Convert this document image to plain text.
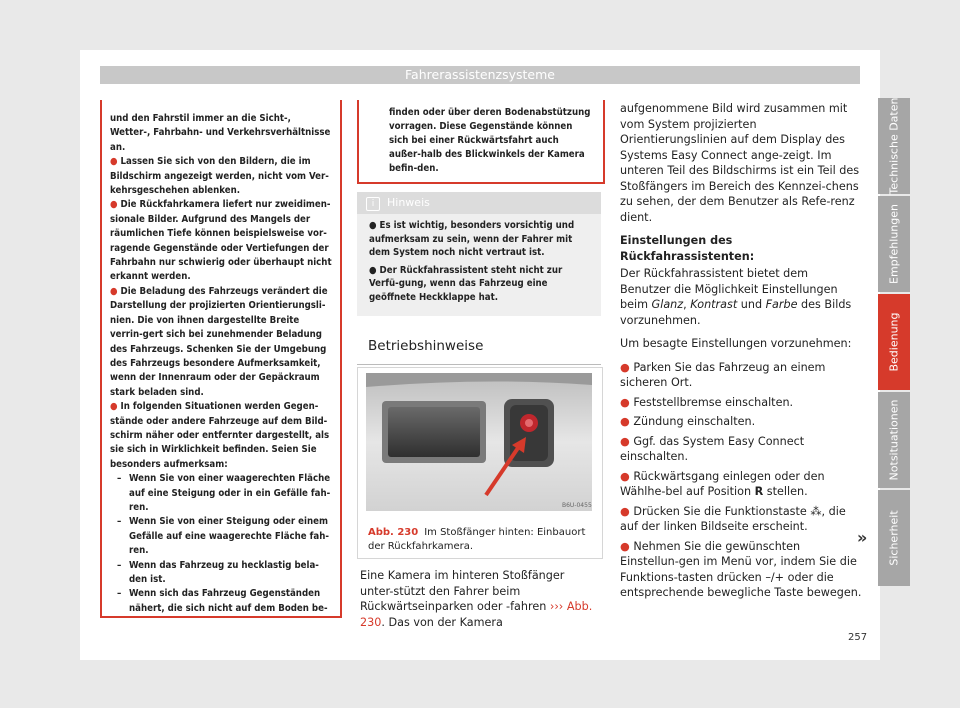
Fahrerassistenzsysteme

und den Fahrstil immer an die Sicht-, Wetter-, Fahrbahn- und Verkehrsverhältnisse an.

● Lassen Sie sich von den Bildern, die im Bildschirm angezeigt werden, nicht vom Ver-kehrsgeschehen ablenken.

● Die Rückfahrkamera liefert nur zweidimen-sionale Bilder. Aufgrund des Mangels der räumlichen Tiefe können beispielsweise vor-ragende Gegenstände oder Vertiefungen der Fahrbahn nur schwierig oder überhaupt nicht erkannt werden.

● Die Beladung des Fahrzeugs verändert die Darstellung der projizierten Orientierungsli-nien. Die von ihnen dargestellte Breite verrin-gert sich bei zunehmender Beladung des Fahrzeugs. Schenken Sie der Umgebung des Fahrzeugs besondere Aufmerksamkeit, wenn der Innenraum oder der Gepäckraum stark beladen sind.

● In folgenden Situationen werden Gegen-stände oder andere Fahrzeuge auf dem Bild-schirm näher oder entfernter dargestellt, als sie sich in Wirklichkeit befinden. Seien Sie besonders aufmerksam:

– Wenn Sie von einer waagerechten Fläche auf eine Steigung oder in ein Gefälle fah-ren.

– Wenn Sie von einer Steigung oder einem Gefälle auf eine waagerechte Fläche fah-ren.

– Wenn das Fahrzeug zu hecklastig bela-den ist.

– Wenn sich das Fahrzeug Gegenständen nähert, die sich nicht auf dem Boden be-

finden oder über deren Bodenabstützung vorragen. Diese Gegenstände können sich bei einer Rückwärtsfahrt auch außer-halb des Blickwinkels der Kamera befin-den.
i	Hinweis

● Es ist wichtig, besonders vorsichtig und aufmerksam zu sein, wenn der Fahrer mit dem System noch nicht vertraut ist.

● Der Rückfahrassistent steht nicht zur Verfü-gung, wenn das Fahrzeug eine geöffnete Heckklappe hat.

Betriebshinweise
B6U-0455
Abb. 230 Im Stoßfänger hinten: Einbauort der Rückfahrkamera.
Eine Kamera im hinteren Stoßfänger unter-stützt den Fahrer beim Rückwärtseinparken oder -fahren ››› Abb. 230. Das von der Kamera

aufgenommene Bild wird zusammen mit vom System projizierten Orientierungslinien auf dem Display des Systems Easy Connect ange-zeigt. Im unteren Teil des Bildschirms ist ein Teil des Stoßfängers im Bereich des Kennzei-chens zu sehen, der dem Benutzer als Refe-renz dient.

Einstellungen des Rückfahrassistenten:

Der Rückfahrassistent bietet dem Benutzer die Möglichkeit Einstellungen beim Glanz, Kontrast und Farbe des Bilds vorzunehmen.

Um besagte Einstellungen vorzunehmen:

● Parken Sie das Fahrzeug an einem sicheren Ort.

● Feststellbremse einschalten.

● Zündung einschalten.

● Ggf. das System Easy Connect einschalten.

● Rückwärtsgang einlegen oder den Wählhe-bel auf Position R stellen.

● Drücken Sie die Funktionstaste ⁂, die auf der linken Bildseite erscheint.

● Nehmen Sie die gewünschten Einstellun-gen im Menü vor, indem Sie die Funktions-tasten drücken –/+ oder die entsprechende bewegliche Taste bewegen.

»
Technische Daten
Empfehlungen
Bedienung
Notsituationen
Sicherheit
257
